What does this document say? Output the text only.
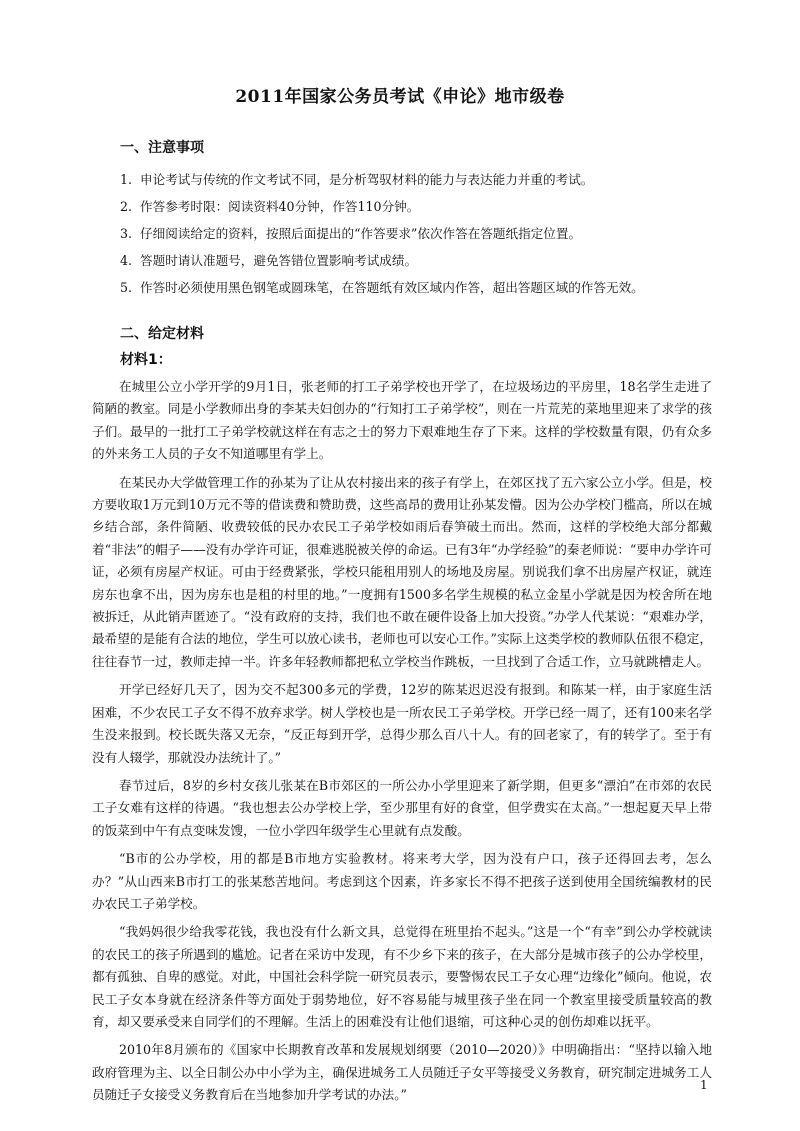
2011年国家公务员考试《申论》地市级卷
一、注意事项
1. 申论考试与传统的作文考试不同，是分析驾驭材料的能力与表达能力并重的考试。
2. 作答参考时限：阅读资料40分钟，作答110分钟。
3. 仔细阅读给定的资料，按照后面提出的“作答要求”依次作答在答题纸指定位置。
4. 答题时请认准题号，避免答错位置影响考试成绩。
5. 作答时必须使用黑色钢笔或圆珠笔，在答题纸有效区域内作答，超出答题区域的作答无效。
二、给定材料
材料1：

在城里公立小学开学的9月1日，张老师的打工子弟学校也开学了，在垃圾场边的平房里，18名学生走进了简陋的教室。同是小学教师出身的李某夫妇创办的“行知打工子弟学校”，则在一片荒芜的菜地里迎来了求学的孩子们。最早的一批打工子弟学校就这样在有志之士的努力下艰难地生存了下来。这样的学校数量有限，仍有众多的外来务工人员的子女不知道哪里有学上。

在某民办大学做管理工作的孙某为了让从农村接出来的孩子有学上，在郊区找了五六家公立小学。但是，校方要收取1万元到10万元不等的借读费和赞助费，这些高昂的费用让孙某发懵。因为公办学校门槛高，所以在城乡结合部，条件简陋、收费较低的民办农民工子弟学校如雨后春笋破土而出。然而，这样的学校绝大部分都戴着“非法”的帽子——没有办学许可证，很难逃脱被关停的命运。已有3年“办学经验”的秦老师说：“要申办学许可证，必须有房屋产权证。可由于经费紧张，学校只能租用别人的场地及房屋。别说我们拿不出房屋产权证，就连房东也拿不出，因为房东也是租的村里的地。”一度拥有1500多名学生规模的私立金星小学就是因为校舍所在地被拆迁，从此销声匿迹了。“没有政府的支持，我们也不敢在硬件设备上加大投资。”办学人代某说：“艰难办学，最希望的是能有合法的地位，学生可以放心读书，老师也可以安心工作。”实际上这类学校的教师队伍很不稳定，往往春节一过，教师走掉一半。许多年轻教师都把私立学校当作跳板，一旦找到了合适工作，立马就跳槽走人。

开学已经好几天了，因为交不起300多元的学费，12岁的陈某迟迟没有报到。和陈某一样，由于家庭生活困难，不少农民工子女不得不放弃求学。树人学校也是一所农民工子弟学校。开学已经一周了，还有100来名学生没来报到。校长既失落又无奈，“反正每到开学，总得少那么百八十人。有的回老家了，有的转学了。至于有没有人辍学，那就没办法统计了。”

春节过后，8岁的乡村女孩儿张某在B市郊区的一所公办小学里迎来了新学期，但更多“漂泊”在市郊的农民工子女难有这样的待遇。“我也想去公办学校上学，至少那里有好的食堂，但学费实在太高。”一想起夏天早上带的饭菜到中午有点变味发馊，一位小学四年级学生心里就有点发酸。

“B市的公办学校，用的都是B市地方实验教材。将来考大学，因为没有户口，孩子还得回去考，怎么办？”从山西来B市打工的张某愁苦地问。考虑到这个因素，许多家长不得不把孩子送到使用全国统编教材的民办农民工子弟学校。

“我妈妈很少给我零花钱，我也没有什么新文具，总觉得在班里抬不起头。”这是一个“有幸”到公办学校就读的农民工的孩子所遇到的尴尬。记者在采访中发现，有不少乡下来的孩子，在大部分是城市孩子的公办学校里，都有孤独、自卑的感觉。对此，中国社会科学院一研究员表示，要警惕农民工子女心理“边缘化”倾向。他说，农民工子女本身就在经济条件等方面处于弱势地位，好不容易能与城里孩子坐在同一个教室里接受质量较高的教育，却又要承受来自同学们的不理解。生活上的困难没有让他们退缩，可这种心灵的创伤却难以抚平。

2010年8月颁布的《国家中长期教育改革和发展规划纲要（2010—2020）》中明确指出：“坚持以输入地政府管理为主、以全日制公办中小学为主，确保进城务工人员随迁子女平等接受义务教育，研究制定进城务工人员随迁子女接受义务教育后在当地参加升学考试的办法。”

1
